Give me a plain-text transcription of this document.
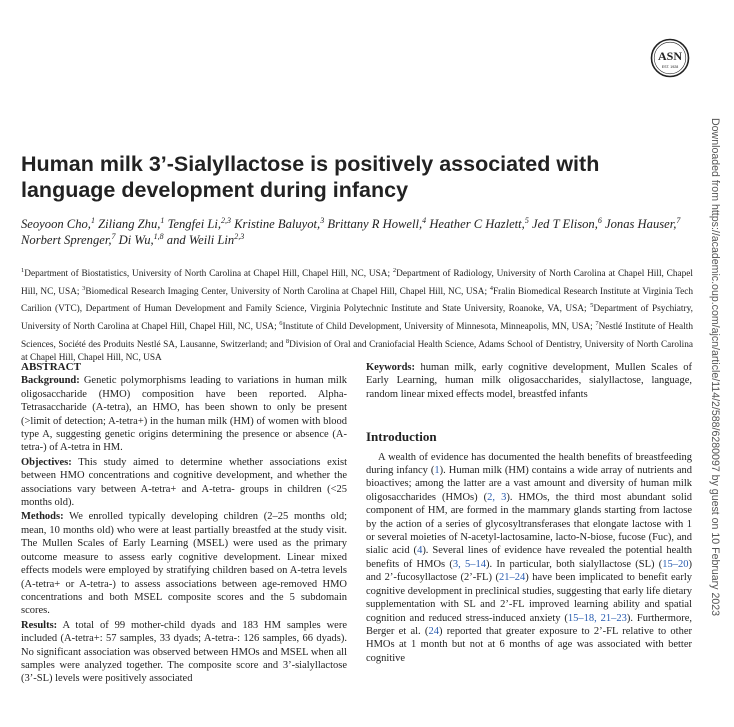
ASN
EST. 1928
Human milk 3’-Sialyllactose is positively associated with language development during infancy
Seoyoon Cho,$^1$ Ziliang Zhu,$^1$ Tengfei Li,$^{2,3}$ Kristine Baluyot,$^3$ Brittany R Howell,$^4$ Heather C Hazlett,$^5$ Jed T Elison,$^6$ Jonas Hauser,$^7$ Norbert Sprenger,$^7$ Di Wu,$^{1,8}$ and Weili Lin$^{2,3}$
$^1$Department of Biostatistics, University of North Carolina at Chapel Hill, Chapel Hill, NC, USA; $^2$Department of Radiology, University of North Carolina at Chapel Hill, Chapel Hill, NC, USA; $^3$Biomedical Research Imaging Center, University of North Carolina at Chapel Hill, Chapel Hill, NC, USA; $^4$Fralin Biomedical Research Institute at Virginia Tech Carilion (VTC), Department of Human Development and Family Science, Virginia Polytechnic Institute and State University, Roanoke, VA, USA; $^5$Department of Psychiatry, University of North Carolina at Chapel Hill, Chapel Hill, NC, USA; $^6$Institute of Child Development, University of Minnesota, Minneapolis, MN, USA; $^7$Nestlé Institute of Health Sciences, Société des Produits Nestlé SA, Lausanne, Switzerland; and $^8$Division of Oral and Craniofacial Health Science, Adams School of Dentistry, University of North Carolina at Chapel Hill, Chapel Hill, NC, USA
ABSTRACT

Background: Genetic polymorphisms leading to variations in human milk oligosaccharide (HMO) composition have been reported. Alpha-Tetrasaccharide (A-tetra), an HMO, has been shown to only be present (>limit of detection; A-tetra+) in the human milk (HM) of women with blood type A, suggesting genetic origins determining the presence or absence (A-tetra-) of A-tetra in HM.

Objectives: This study aimed to determine whether associations exist between HMO concentrations and cognitive development, and whether the associations vary between A-tetra+ and A-tetra- groups in children (<25 months old).

Methods: We enrolled typically developing children (2–25 months old; mean, 10 months old) who were at least partially breastfed at the study visit. The Mullen Scales of Early Learning (MSEL) were used as the primary outcome measure to assess early cognitive development. Linear mixed effects models were employed by stratifying children based on A-tetra levels (A-tetra+ or A-tetra-) to assess associations between age-removed HMO concentrations and both MSEL composite scores and the 5 subdomain scores.

Results: A total of 99 mother-child dyads and 183 HM samples were included (A-tetra+: 57 samples, 33 dyads; A-tetra-: 126 samples, 66 dyads). No significant association was observed between HMOs and MSEL when all samples were analyzed together. The composite score and 3’-sialyllactose (3’-SL) levels were positively associated

Keywords: human milk, early cognitive development, Mullen Scales of Early Learning, human milk oligosaccharides, sialyllactose, language, random linear mixed effects model, breastfed infants

Introduction

A wealth of evidence has documented the health benefits of breastfeeding during infancy (1). Human milk (HM) contains a wide array of nutrients and bioactives; among the latter are a vast amount and diversity of human milk oligosaccharides (HMOs) (2, 3). HMOs, the third most abundant solid component of HM, are formed in the mammary glands starting from lactose by the action of a series of glycosyltransferases that elongate lactose with 1 or several moieties of N-acetyl-lactosamine, lacto-N-biose, fucose (Fuc), and sialic acid (4). Several lines of evidence have revealed the potential health benefits of HMOs (3, 5–14). In particular, both sialyllactose (SL) (15–20) and 2’-fucosyllactose (2’-FL) (21–24) have been implicated to benefit early cognitive development in preclinical studies, suggesting that early life dietary supplementation with SL and 2’-FL improved learning ability and spatial cognition and reduced stress-induced anxiety (15–18, 21–23). Furthermore, Berger et al. (24) reported that greater exposure to 2’-FL relative to other HMOs at 1 month but not at 6 months of age was associated with better cognitive

Downloaded from https://academic.oup.com/ajcn/article/114/2/588/6280097 by guest on 10 February 2023
